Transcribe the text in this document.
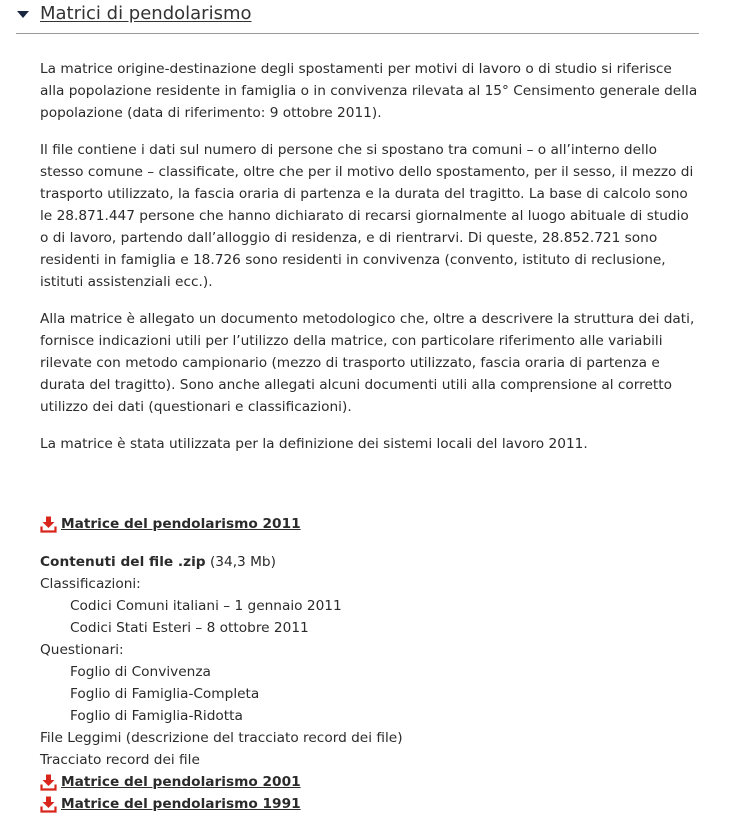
Matrici di pendolarismo

La matrice origine-destinazione degli spostamenti per motivi di lavoro o di studio si riferisce alla popolazione residente in famiglia o in convivenza rilevata al 15° Censimento generale della popolazione (data di riferimento: 9 ottobre 2011).

Il file contiene i dati sul numero di persone che si spostano tra comuni – o all’interno dello stesso comune – classificate, oltre che per il motivo dello spostamento, per il sesso, il mezzo di trasporto utilizzato, la fascia oraria di partenza e la durata del tragitto. La base di calcolo sono le 28.871.447 persone che hanno dichiarato di recarsi giornalmente al luogo abituale di studio o di lavoro, partendo dall’alloggio di residenza, e di rientrarvi. Di queste, 28.852.721 sono residenti in famiglia e 18.726 sono residenti in convivenza (convento, istituto di reclusione, istituti assistenziali ecc.).

Alla matrice è allegato un documento metodologico che, oltre a descrivere la struttura dei dati, fornisce indicazioni utili per l’utilizzo della matrice, con particolare riferimento alle variabili rilevate con metodo campionario (mezzo di trasporto utilizzato, fascia oraria di partenza e durata del tragitto). Sono anche allegati alcuni documenti utili alla comprensione al corretto utilizzo dei dati (questionari e classificazioni).

La matrice è stata utilizzata per la definizione dei sistemi locali del lavoro 2011.

Matrice del pendolarismo 2011
Contenuti del file .zip (34,3 Mb)
Classificazioni:
Codici Comuni italiani – 1 gennaio 2011
Codici Stati Esteri – 8 ottobre 2011
Questionari:
Foglio di Convivenza
Foglio di Famiglia-Completa
Foglio di Famiglia-Ridotta
File Leggimi (descrizione del tracciato record dei file)
Tracciato record dei file
Matrice del pendolarismo 2001
Matrice del pendolarismo 1991
